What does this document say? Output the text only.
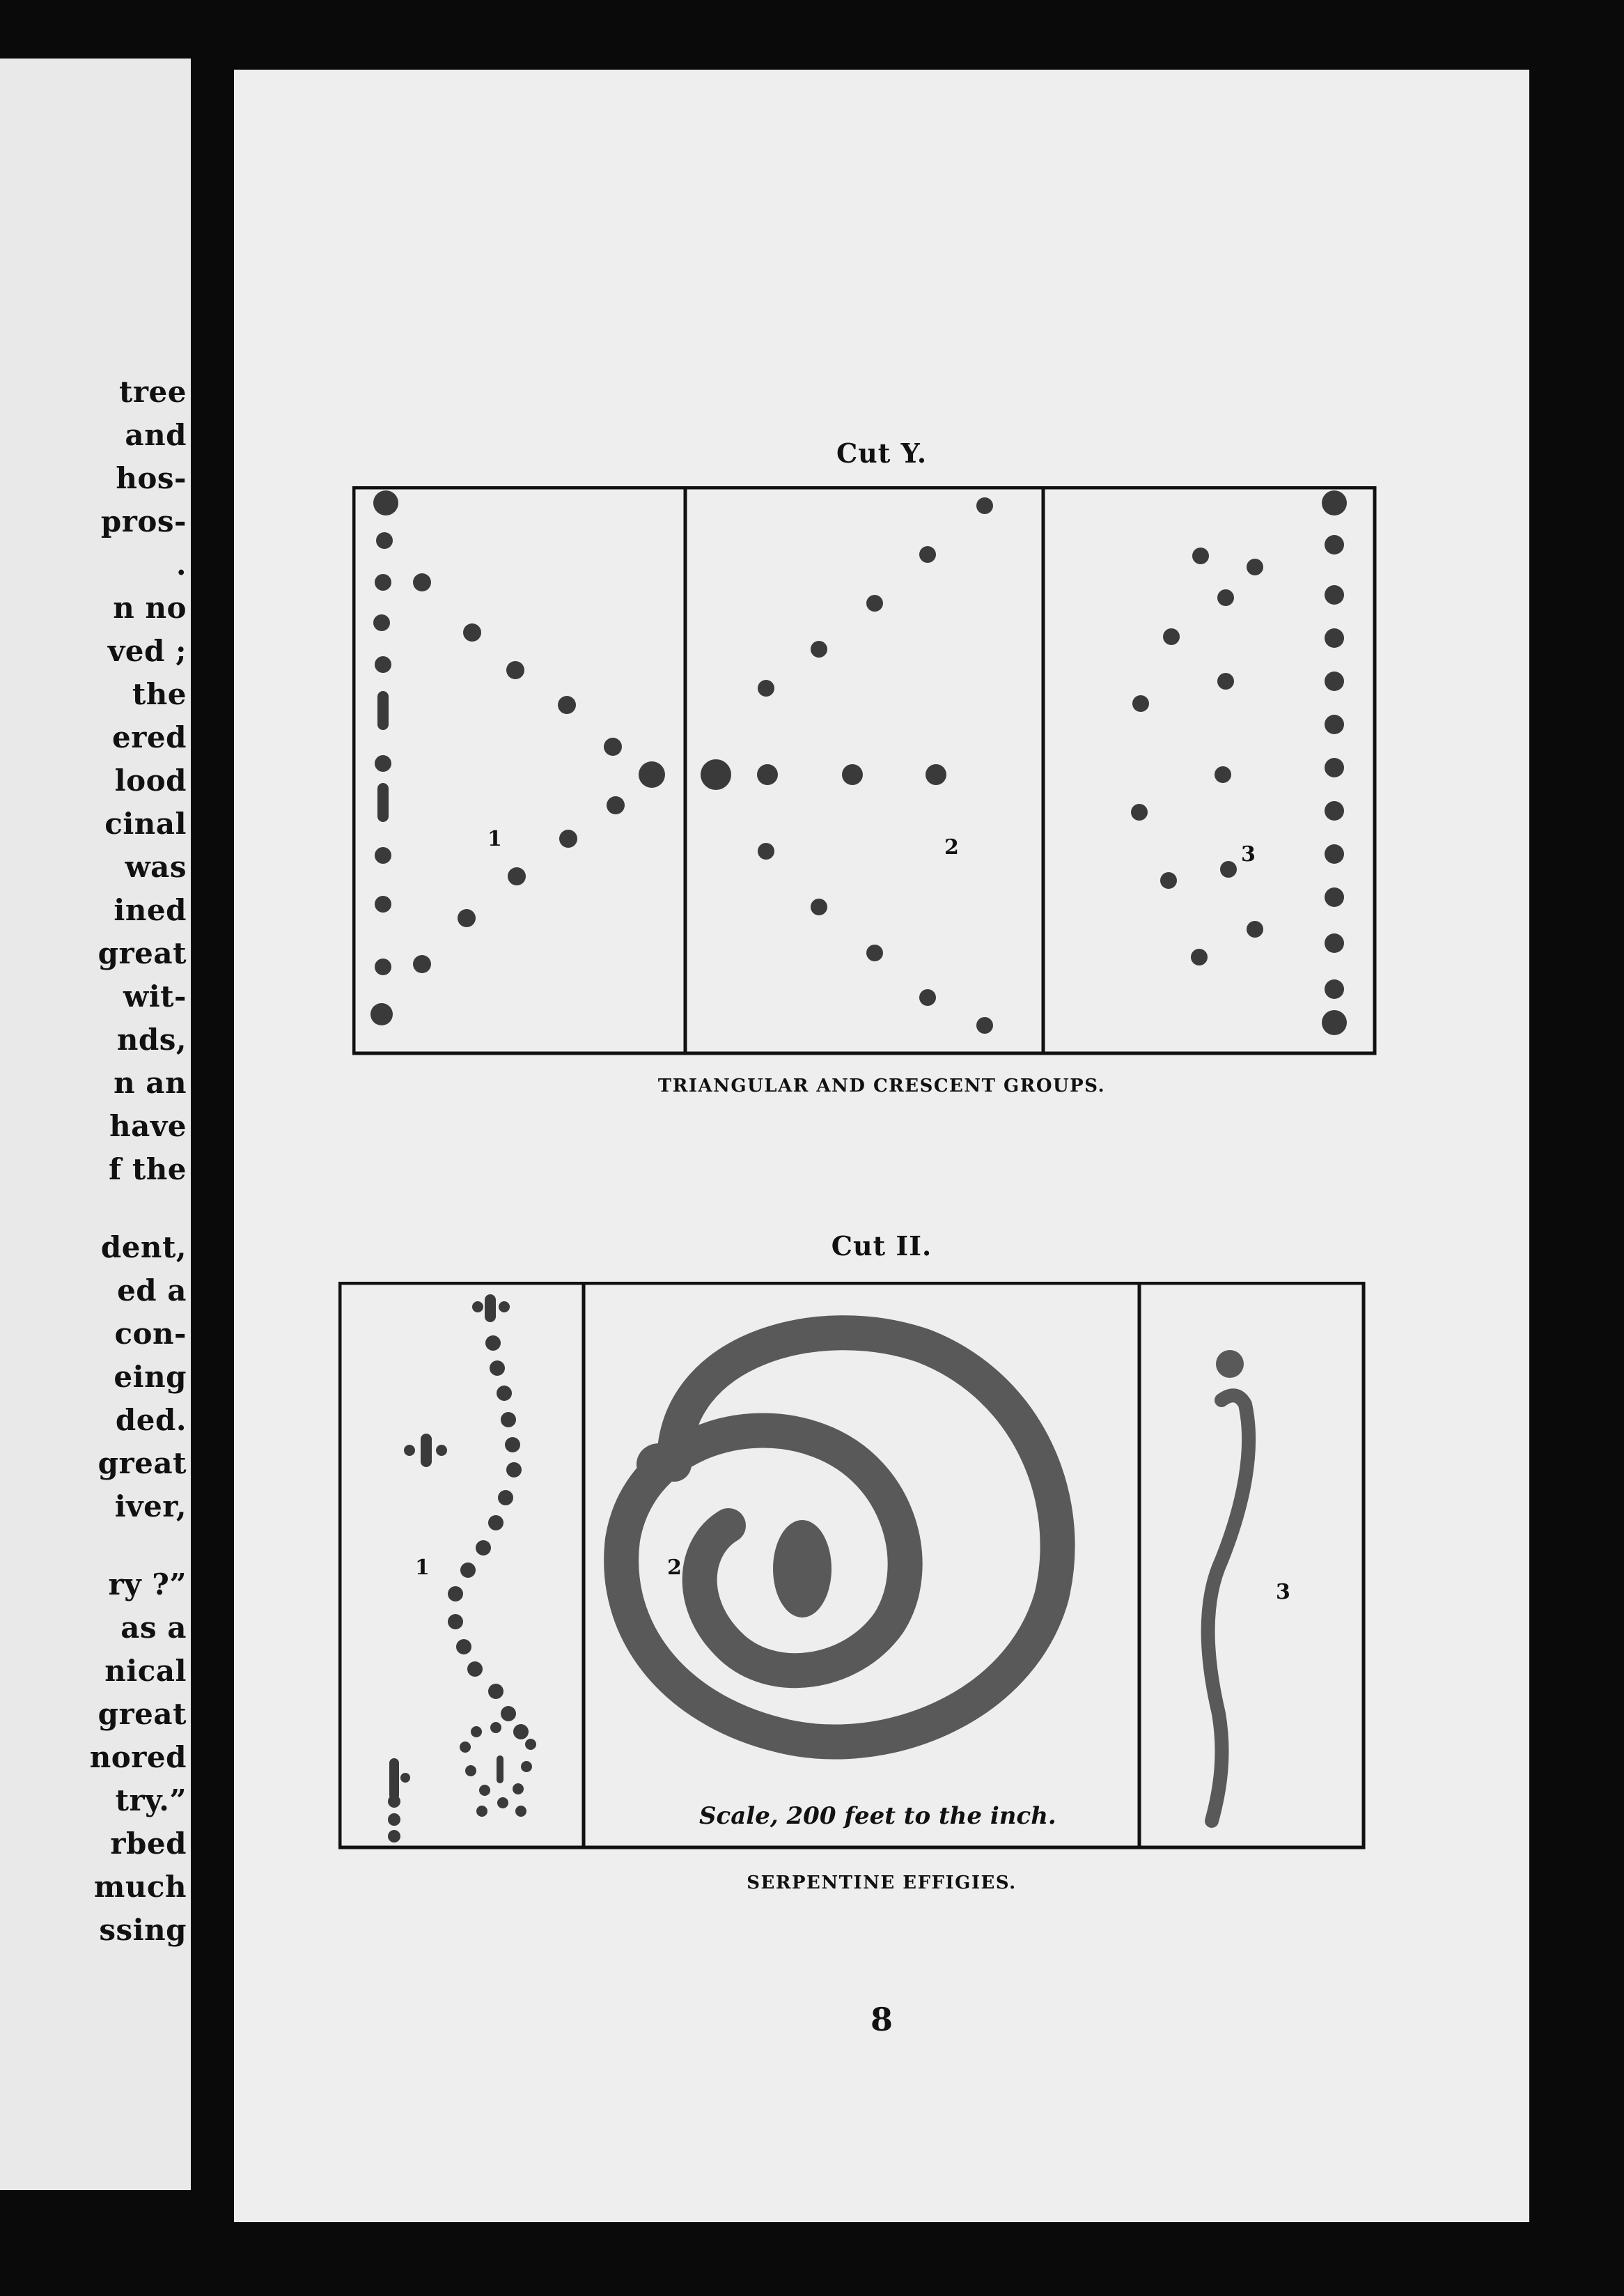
tree
and
hos-
pros-
.
n no
ved ;
the
ered
lood
cinal
was
ined
great
wit-
nds,
n an
have
f the
dent,
ed a
con-
eing
ded.
great
iver,
ry ?”
as a
nical
great
nored
try.”
rbed
much
ssing
Cut Y.
1	2	3
TRIANGULAR AND CRESCENT GROUPS.
Cut II.
1	2
3
Scale, 200 feet to the inch.
SERPENTINE EFFIGIES.
8
